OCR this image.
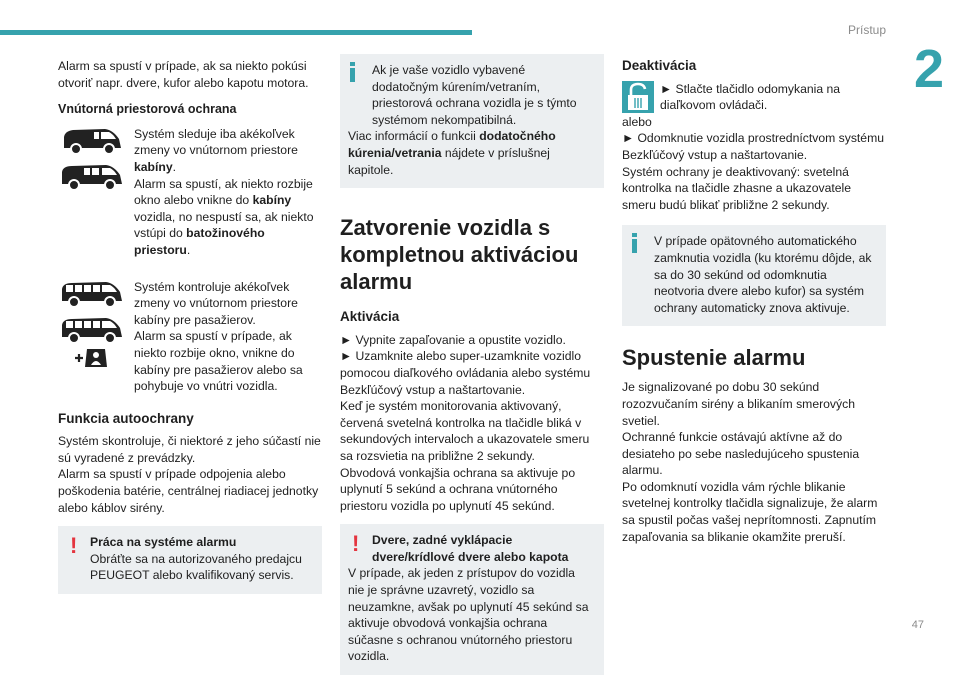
Prístup
2
47

Alarm sa spustí v prípade, ak sa niekto pokúsi otvoriť napr. dvere, kufor alebo kapotu motora.

Vnútorná priestorová ochrana

Systém sleduje iba akékoľvek zmeny vo vnútornom priestore kabíny.

Alarm sa spustí, ak niekto rozbije okno alebo vnikne do kabíny vozidla, no nespustí sa, ak niekto vstúpi do batožinového priestoru.

Systém kontroluje akékoľvek zmeny vo vnútornom priestore kabíny pre pasažierov.

Alarm sa spustí v prípade, ak niekto rozbije okno, vnikne do kabíny pre pasažierov alebo sa pohybuje vo vnútri vozidla.

Funkcia autoochrany

Systém skontroluje, či niektoré z jeho súčastí nie sú vyradené z prevádzky.

Alarm sa spustí v prípade odpojenia alebo poškodenia batérie, centrálnej riadiacej jednotky alebo káblov sirény.

!	Práca na systéme alarmu

Obráťte sa na autorizovaného predajcu PEUGEOT alebo kvalifikovaný servis.

Ak je vaše vozidlo vybavené dodatočným kúrením/vetraním, priestorová ochrana vozidla je s týmto systémom nekompatibilná.

Viac informácií o funkcii dodatočného kúrenia/vetrania nájdete v príslušnej kapitole.

Zatvorenie vozidla s kompletnou aktiváciou alarmu

Aktivácia

► Vypnite zapaľovanie a opustite vozidlo.

► Uzamknite alebo super-uzamknite vozidlo pomocou diaľkového ovládania alebo systému Bezkľúčový vstup a naštartovanie.

Keď je systém monitorovania aktivovaný, červená svetelná kontrolka na tlačidle bliká v sekundových intervaloch a ukazovatele smeru sa rozsvietia na približne 2 sekundy.

Obvodová vonkajšia ochrana sa aktivuje po uplynutí 5 sekúnd a ochrana vnútorného priestoru vozidla po uplynutí 45 sekúnd.

!	Dvere, zadné vyklápacie dvere/krídlové dvere alebo kapota

V prípade, ak jeden z prístupov do vozidla nie je správne uzavretý, vozidlo sa neuzamkne, avšak po uplynutí 45 sekúnd sa aktivuje obvodová vonkajšia ochrana súčasne s ochranou vnútorného priestoru vozidla.

Deaktivácia

► Stlačte tlačidlo odomykania na diaľkovom ovládači.

alebo

► Odomknutie vozidla prostredníctvom systému Bezkľúčový vstup a naštartovanie.

Systém ochrany je deaktivovaný: svetelná kontrolka na tlačidle zhasne a ukazovatele smeru budú blikať približne 2 sekundy.

V prípade opätovného automatického zamknutia vozidla (ku ktorému dôjde, ak sa do 30 sekúnd od odomknutia neotvoria dvere alebo kufor) sa systém ochrany automaticky znova aktivuje.

Spustenie alarmu

Je signalizované po dobu 30 sekúnd rozozvučaním sirény a blikaním smerových svetiel.

Ochranné funkcie ostávajú aktívne až do desiateho po sebe nasledujúceho spustenia alarmu.

Po odomknutí vozidla vám rýchle blikanie svetelnej kontrolky tlačidla signalizuje, že alarm sa spustil počas vašej neprítomnosti. Zapnutím zapaľovania sa blikanie okamžite preruší.
